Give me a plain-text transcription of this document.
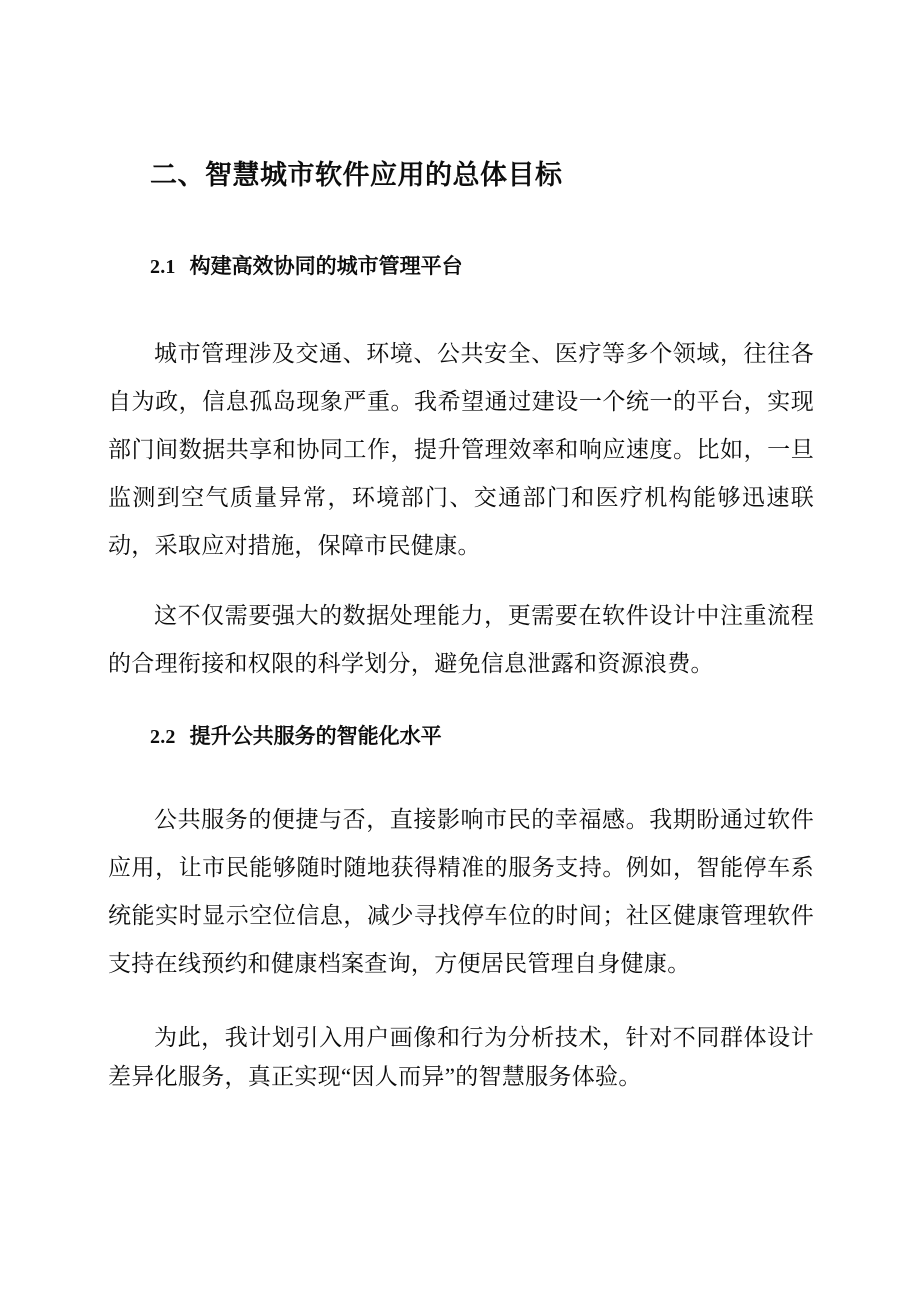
二、智慧城市软件应用的总体目标
2.1 构建高效协同的城市管理平台
城市管理涉及交通、环境、公共安全、医疗等多个领域，往往各自为政，信息孤岛现象严重。我希望通过建设一个统一的平台，实现部门间数据共享和协同工作，提升管理效率和响应速度。比如，一旦监测到空气质量异常，环境部门、交通部门和医疗机构能够迅速联动，采取应对措施，保障市民健康。
这不仅需要强大的数据处理能力，更需要在软件设计中注重流程的合理衔接和权限的科学划分，避免信息泄露和资源浪费。
2.2 提升公共服务的智能化水平
公共服务的便捷与否，直接影响市民的幸福感。我期盼通过软件应用，让市民能够随时随地获得精准的服务支持。例如，智能停车系统能实时显示空位信息，减少寻找停车位的时间；社区健康管理软件支持在线预约和健康档案查询，方便居民管理自身健康。
为此，我计划引入用户画像和行为分析技术，针对不同群体设计差异化服务，真正实现“因人而异”的智慧服务体验。
